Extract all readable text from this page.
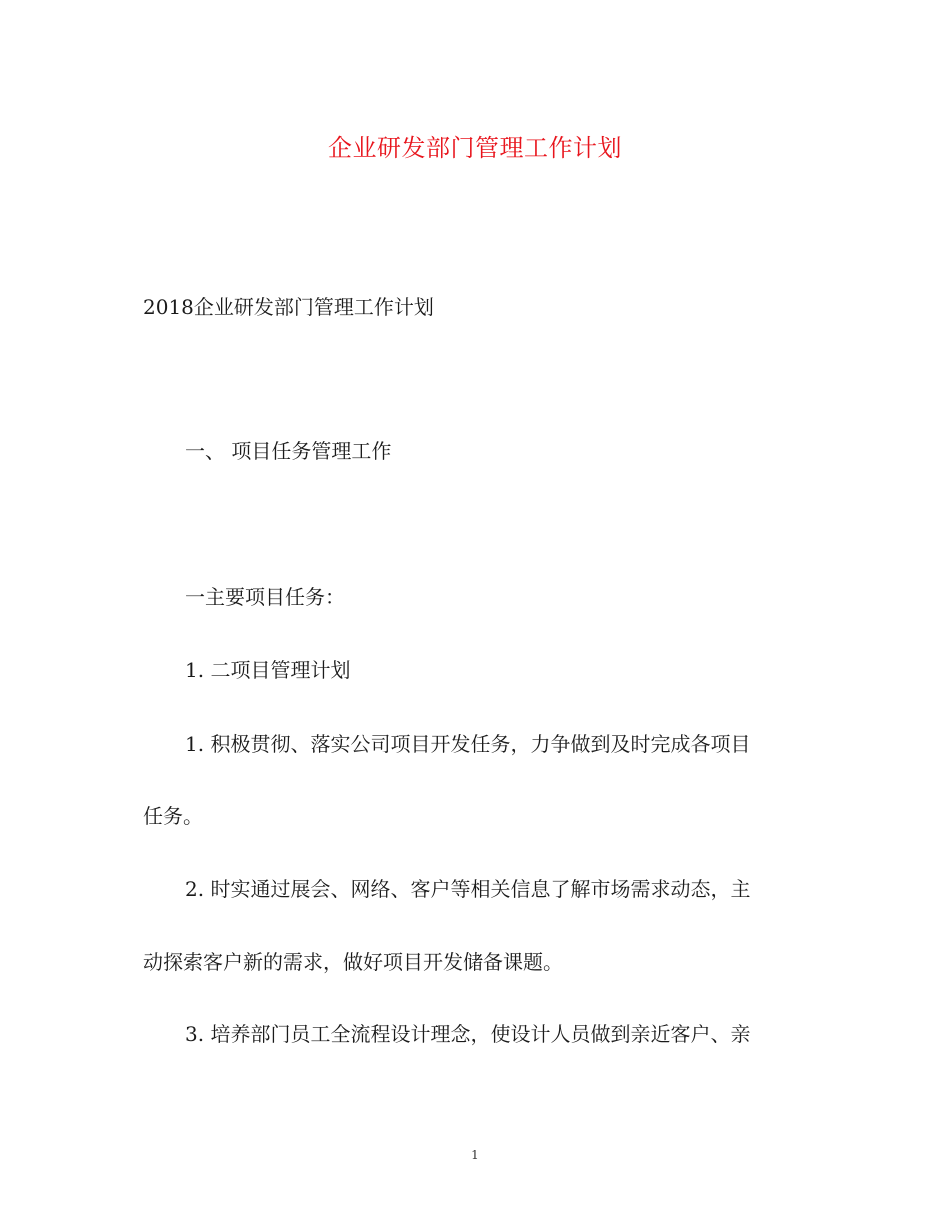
企业研发部门管理工作计划
2018企业研发部门管理工作计划
一、 项目任务管理工作
一主要项目任务：
1. 二项目管理计划
1. 积极贯彻、落实公司项目开发任务，力争做到及时完成各项目
任务。
2. 时实通过展会、网络、客户等相关信息了解市场需求动态，主
动探索客户新的需求，做好项目开发储备课题。
3. 培养部门员工全流程设计理念，使设计人员做到亲近客户、亲
1
